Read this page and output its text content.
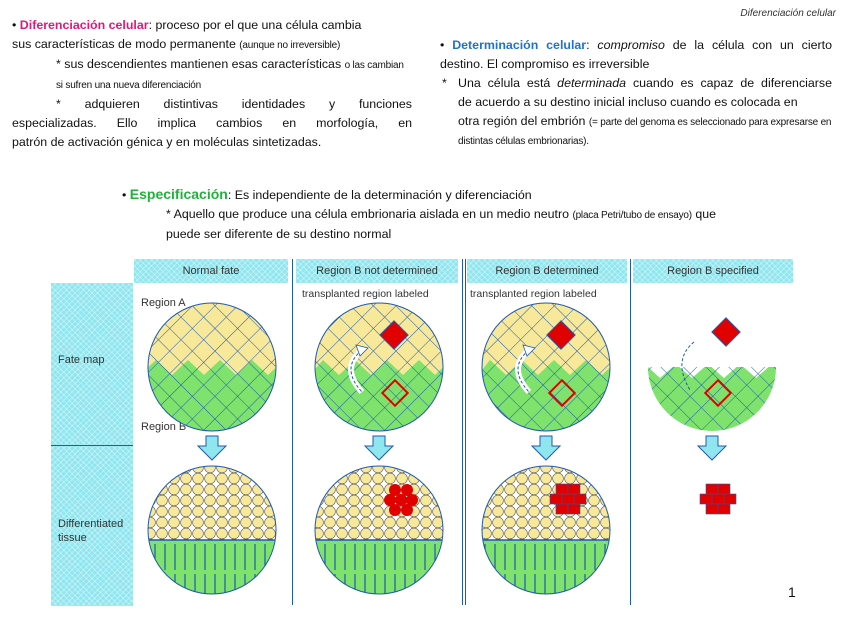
Diferenciación celular
• Diferenciación celular: proceso por el que una célula cambia
sus características de modo permanente (aunque no irreversible)
* sus descendientes mantienen esas características o las cambian si sufren una nueva diferenciación
* adquieren distintivas identidades y funciones
especializadas. Ello implica cambios en morfología, en
patrón de activación génica y en moléculas sintetizadas.
• Determinación celular: compromiso de la célula con un cierto
destino. El compromiso es irreversible
* Una célula está determinada cuando es capaz de diferenciarse
de acuerdo a su destino inicial incluso cuando es colocada en
otra región del embrión (= parte del genoma es seleccionado para expresarse en
distintas células embrionarias).
• Especificación: Es independiente de la determinación y diferenciación
* Aquello que produce una célula embrionaria aislada en un medio neutro (placa Petri/tubo de ensayo) que
puede ser diferente de su destino normal
Fate map
Differentiated tissue
Normal fate	Region B not determined	Region B determined	Region B specified
Region A
Region B
transplanted region labeled	transplanted region labeled
1
